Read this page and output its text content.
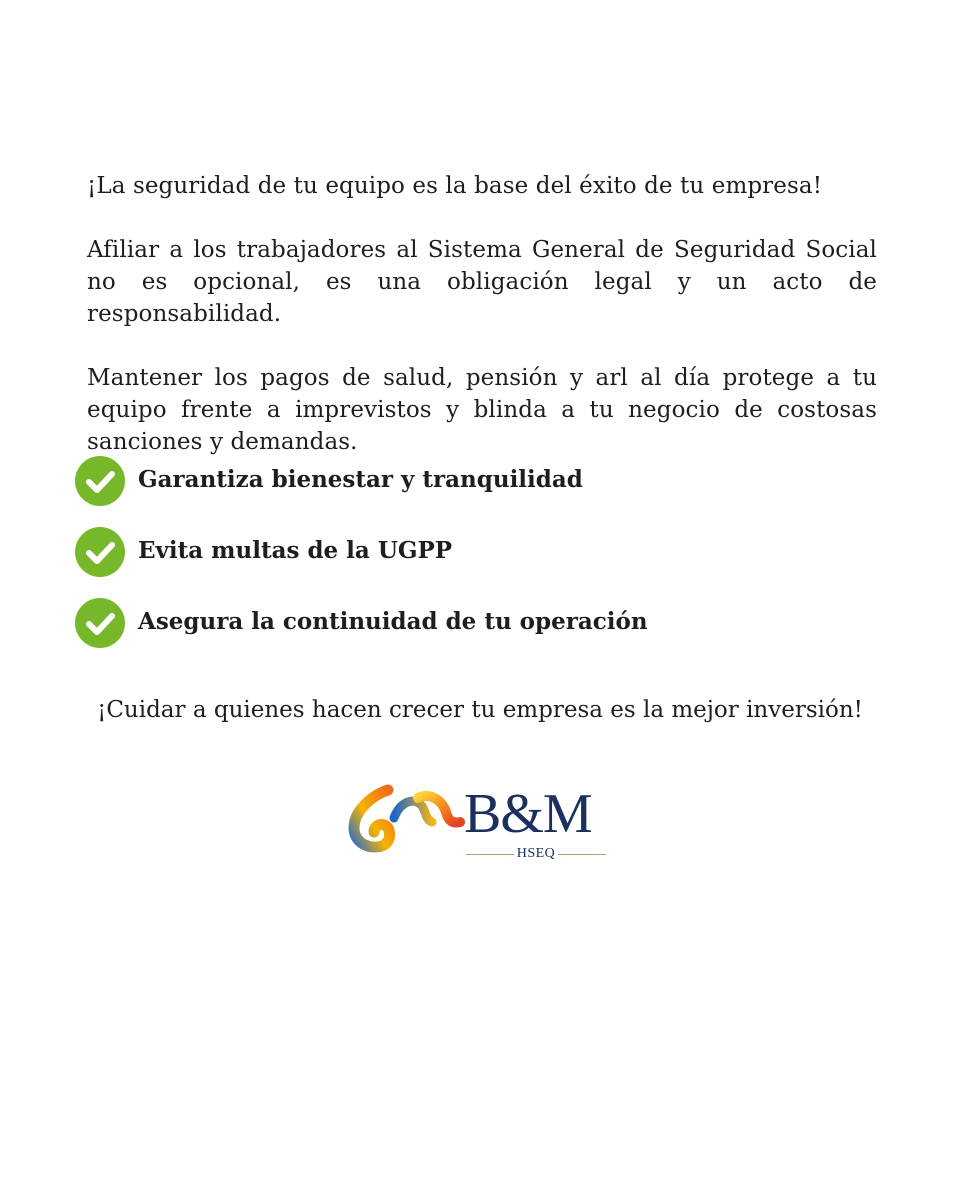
¡La seguridad de tu equipo es la base del éxito de tu empresa!

Afiliar a los trabajadores al Sistema General de Seguridad Social no es opcional, es una obligación legal y un acto de responsabilidad.

Mantener los pagos de salud, pensión y arl al día protege a tu equipo frente a imprevistos y blinda a tu negocio de costosas sanciones y demandas.

Garantiza bienestar y tranquilidad
Evita multas de la UGPP
Asegura la continuidad de tu operación

¡Cuidar a quienes hacen crecer tu empresa es la mejor inversión!

B&M
HSEQ
